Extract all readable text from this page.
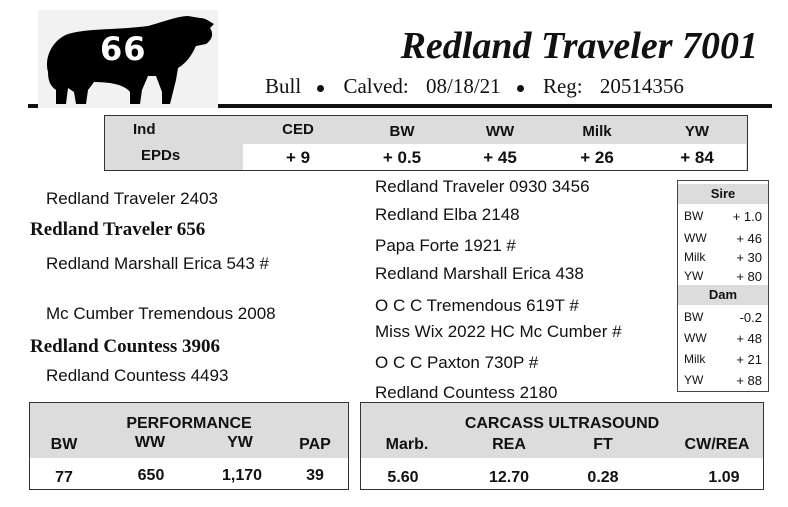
66	Redland Traveler 7001
Bull Calved: 08/18/21 Reg: 20514356
Ind
EPDs
CED	BW	WW	Milk	YW
+ 9	+ 0.5	+ 45	+ 26	+ 84
Redland Traveler 2403
Redland Traveler 656
Redland Marshall Erica 543 #
Mc Cumber Tremendous 2008
Redland Countess 3906
Redland Countess 4493
Redland Traveler 0930 3456
Redland Elba 2148
Papa Forte 1921 #
Redland Marshall Erica 438
O C C Tremendous 619T #
Miss Wix 2022 HC Mc Cumber #
O C C Paxton 730P #
Redland Countess 2180
Sire
BW + 1.0
WW + 46
Milk + 30
YW	+ 80
Dam
BW	-0.2
WW + 48
Milk + 21
YW	+ 88
PERFORMANCE
BW	WW	YW	PAP
77	650	1,170	39
CARCASS ULTRASOUND
Marb.	REA	FT	CW/REA
5.60	12.70	0.28	1.09
